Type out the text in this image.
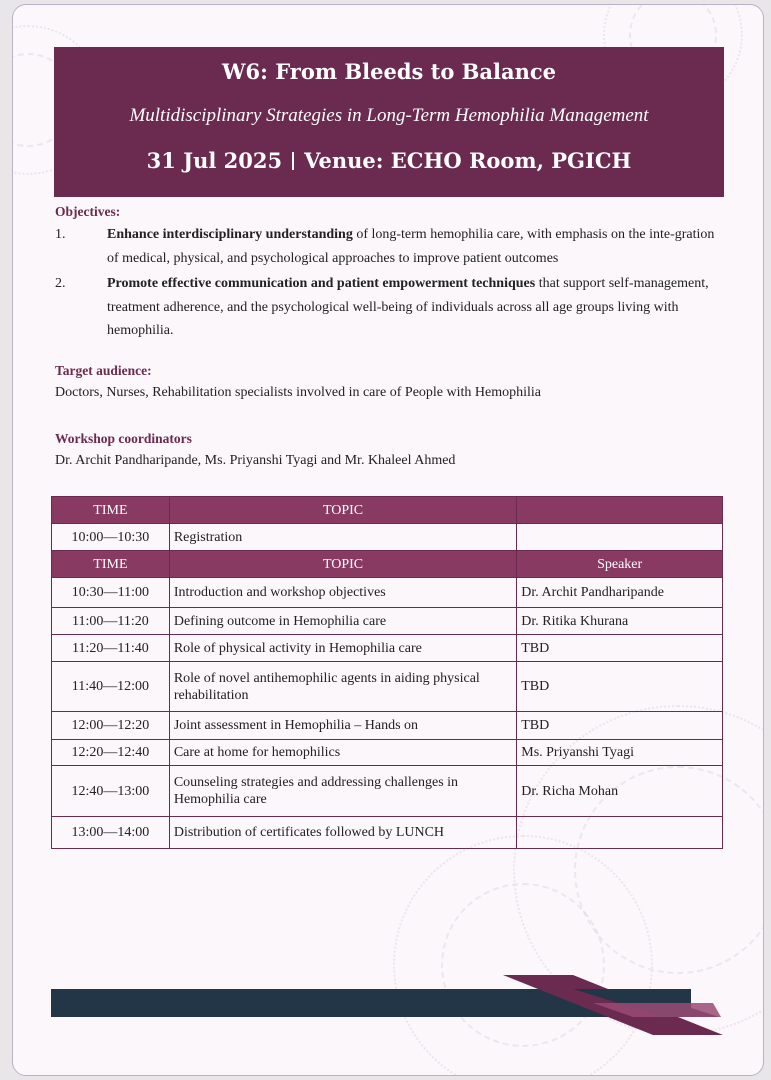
W6: From Bleeds to Balance
Multidisciplinary Strategies in Long-Term Hemophilia Management
31 Jul 2025 Venue: ECHO Room, PGICH
Objectives:
1.	Enhance interdisciplinary understanding of long-term hemophilia care, with emphasis on the inte-gration of medical, physical, and psychological approaches to improve patient outcomes
2.	Promote effective communication and patient empowerment techniques that support self-management, treatment adherence, and the psychological well-being of individuals across all age groups living with hemophilia.
Target audience:
Doctors, Nurses, Rehabilitation specialists involved in care of People with Hemophilia
Workshop coordinators
Dr. Archit Pandharipande, Ms. Priyanshi Tyagi and Mr. Khaleel Ahmed
TIME	TOPIC	
10:00—10:30	Registration	
TIME	TOPIC	Speaker
10:30—11:00	Introduction and workshop objectives	Dr. Archit Pandharipande
11:00—11:20	Defining outcome in Hemophilia care	Dr. Ritika Khurana
11:20—11:40	Role of physical activity in Hemophilia care	TBD
11:40—12:00	Role of novel antihemophilic agents in aiding physical rehabilitation	TBD
12:00—12:20	Joint assessment in Hemophilia – Hands on	TBD
12:20—12:40	Care at home for hemophilics	Ms. Priyanshi Tyagi
12:40—13:00	Counseling strategies and addressing challenges in Hemophilia care	Dr. Richa Mohan
13:00—14:00	Distribution of certificates followed by LUNCH	
